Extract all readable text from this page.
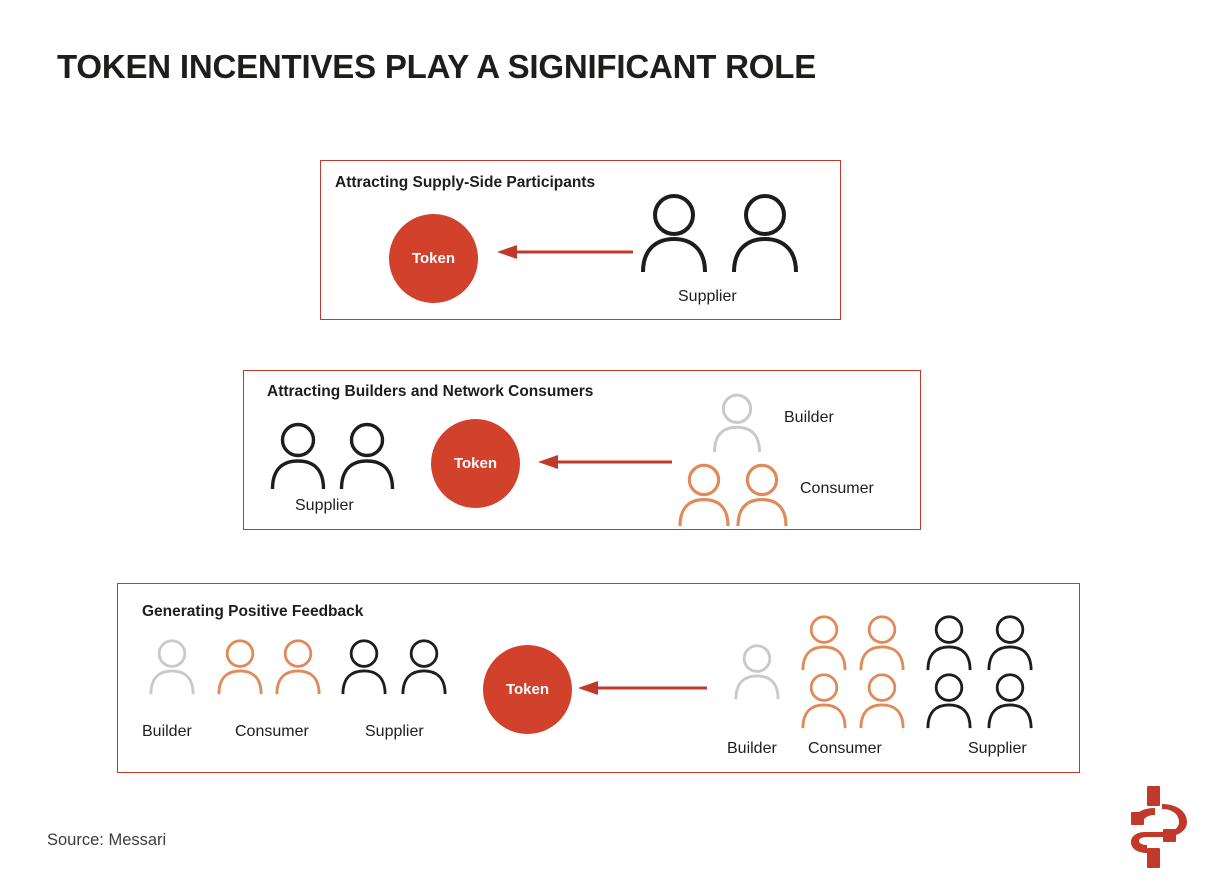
TOKEN INCENTIVES PLAY A SIGNIFICANT ROLE
Attracting Supply-Side Participants
Token
Supplier
Attracting Builders and Network Consumers
Token
Supplier
Builder
Consumer
Generating Positive Feedback
Token
Builder	Consumer	Supplier
Builder Consumer	Supplier
Source: Messari
